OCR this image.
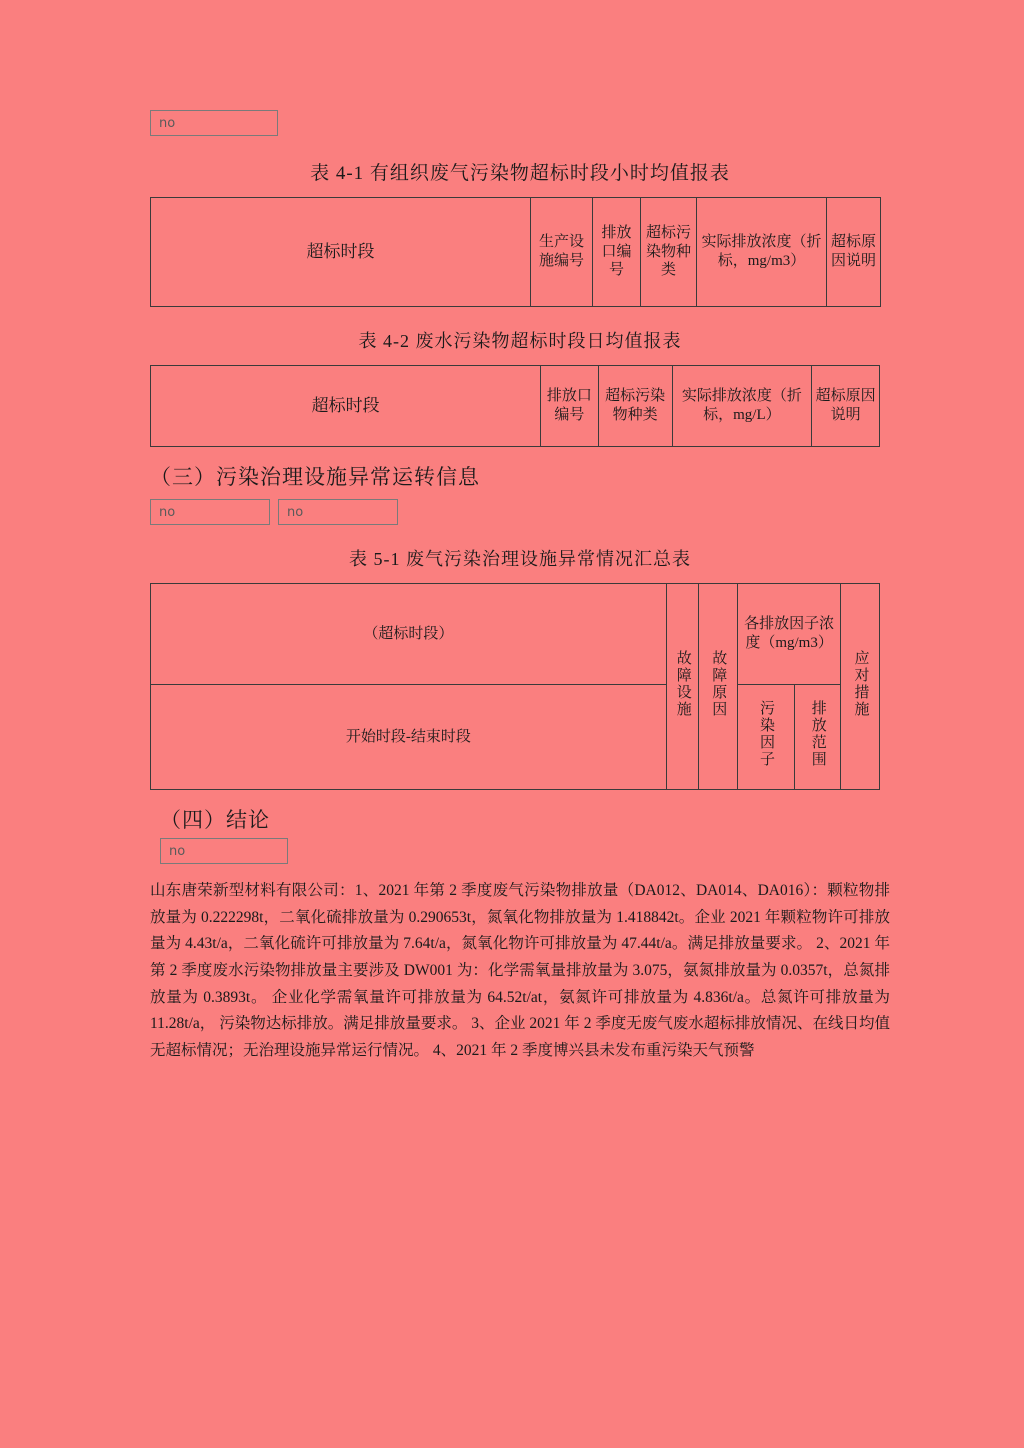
no
表 4-1 有组织废气污染物超标时段小时均值报表
超标时段	生产设施编号	排放口编号	超标污染物种类	实际排放浓度（折标，mg/m3）	超标原因说明
表 4-2 废水污染物超标时段日均值报表
超标时段	排放口编号	超标污染物种类	实际排放浓度（折标，mg/L）	超标原因说明
（三）污染治理设施异常运转信息
no	no
表 5-1 废气污染治理设施异常情况汇总表
（超标时段）	故障设施	故障原因	各排放因子浓度（mg/m3）		应对措施
开始时段-结束时段			污染因子	排放范围	

（四）结论
no
山东唐荣新型材料有限公司：1、2021 年第 2 季度废气污染物排放量（DA012、DA014、DA016）：颗粒物排放量为 0.222298t，二氧化硫排放量为 0.290653t，氮氧化物排放量为 1.418842t。企业 2021 年颗粒物许可排放量为 4.43t/a，二氧化硫许可排放量为 7.64t/a，氮氧化物许可排放量为 47.44t/a。满足排放量要求。 2、2021 年第 2 季度废水污染物排放量主要涉及 DW001 为：化学需氧量排放量为 3.075，氨氮排放量为 0.0357t，总氮排放量为 0.3893t。 企业化学需氧量许可排放量为 64.52t/at，氨氮许可排放量为 4.836t/a。总氮许可排放量为 11.28t/a， 污染物达标排放。满足排放量要求。 3、企业 2021 年 2 季度无废气废水超标排放情况、在线日均值无超标情况；无治理设施异常运行情况。 4、2021 年 2 季度博兴县未发布重污染天气预警
